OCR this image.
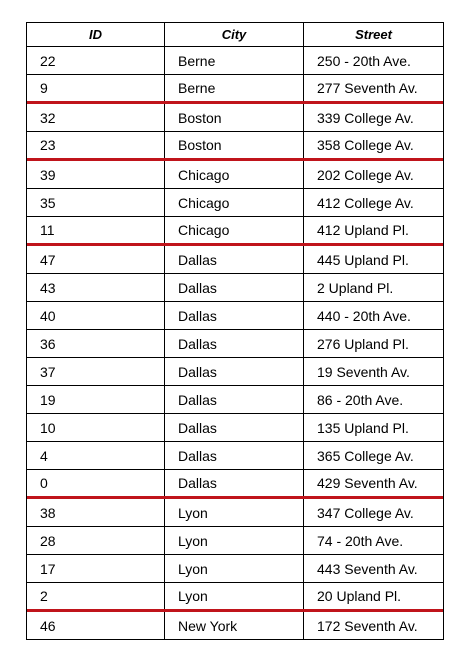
ID	City	Street
22	Berne	250 - 20th Ave.
9	Berne	277 Seventh Av.
32	Boston	339 College Av.
23	Boston	358 College Av.
39	Chicago	202 College Av.
35	Chicago	412 College Av.
11	Chicago	412 Upland Pl.
47	Dallas	445 Upland Pl.
43	Dallas	2 Upland Pl.
40	Dallas	440 - 20th Ave.
36	Dallas	276 Upland Pl.
37	Dallas	19 Seventh Av.
19	Dallas	86 - 20th Ave.
10	Dallas	135 Upland Pl.
4	Dallas	365 College Av.
0	Dallas	429 Seventh Av.
38	Lyon	347 College Av.
28	Lyon	74 - 20th Ave.
17	Lyon	443 Seventh Av.
2	Lyon	20 Upland Pl.
46	New York	172 Seventh Av.
